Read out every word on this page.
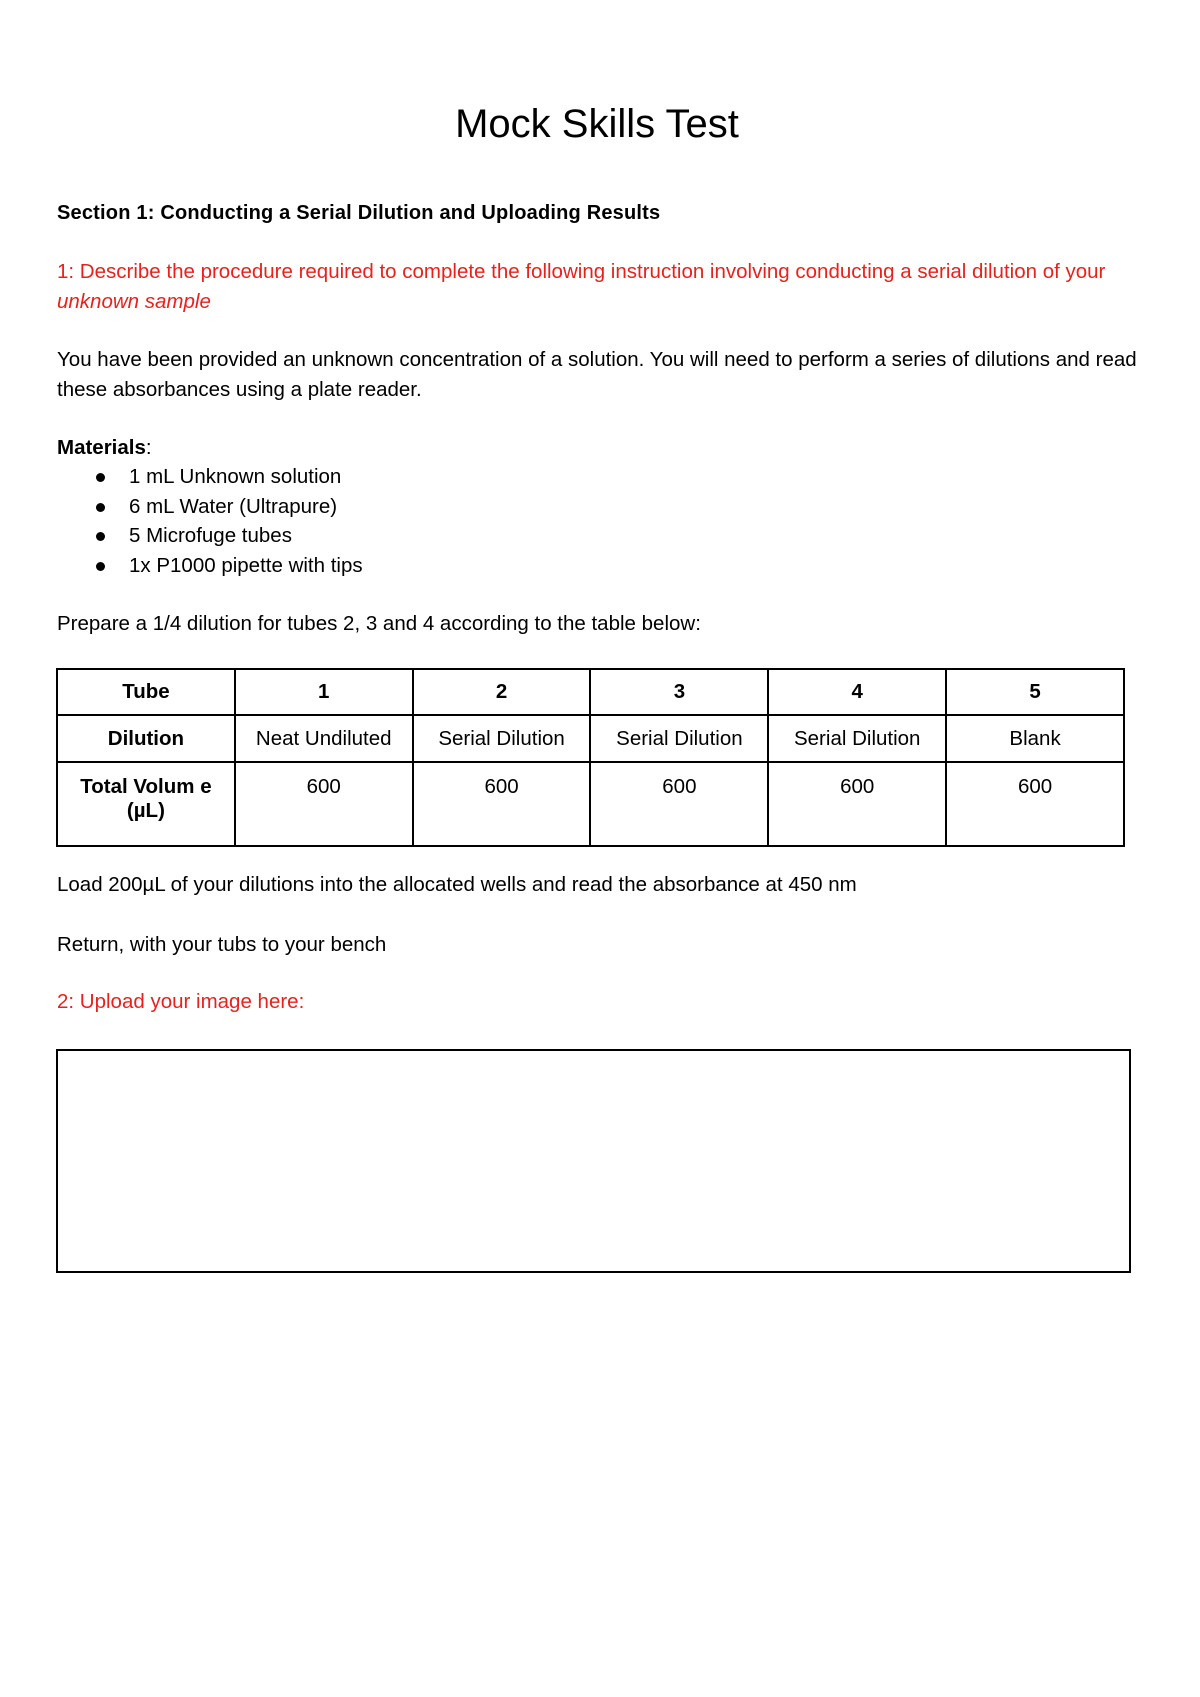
Mock Skills Test
Section 1: Conducting a Serial Dilution and Uploading Results
1: Describe the procedure required to complete the following instruction involving conducting a serial dilution of your unknown sample
You have been provided an unknown concentration of a solution. You will need to perform a series of dilutions and read these absorbances using a plate reader.
Materials:
1 mL Unknown solution
6 mL Water (Ultrapure)
5 Microfuge tubes
1x P1000 pipette with tips
Prepare a 1/4 dilution for tubes 2, 3 and 4 according to the table below:
Tube	1	2	3	4	5
Dilution	Neat Undiluted	Serial Dilution	Serial Dilution	Serial Dilution	Blank

Total Volum e
(µL)	600	600	600	600	600
Load 200µL of your dilutions into the allocated wells and read the absorbance at 450 nm
Return, with your tubs to your bench
2: Upload your image here:
